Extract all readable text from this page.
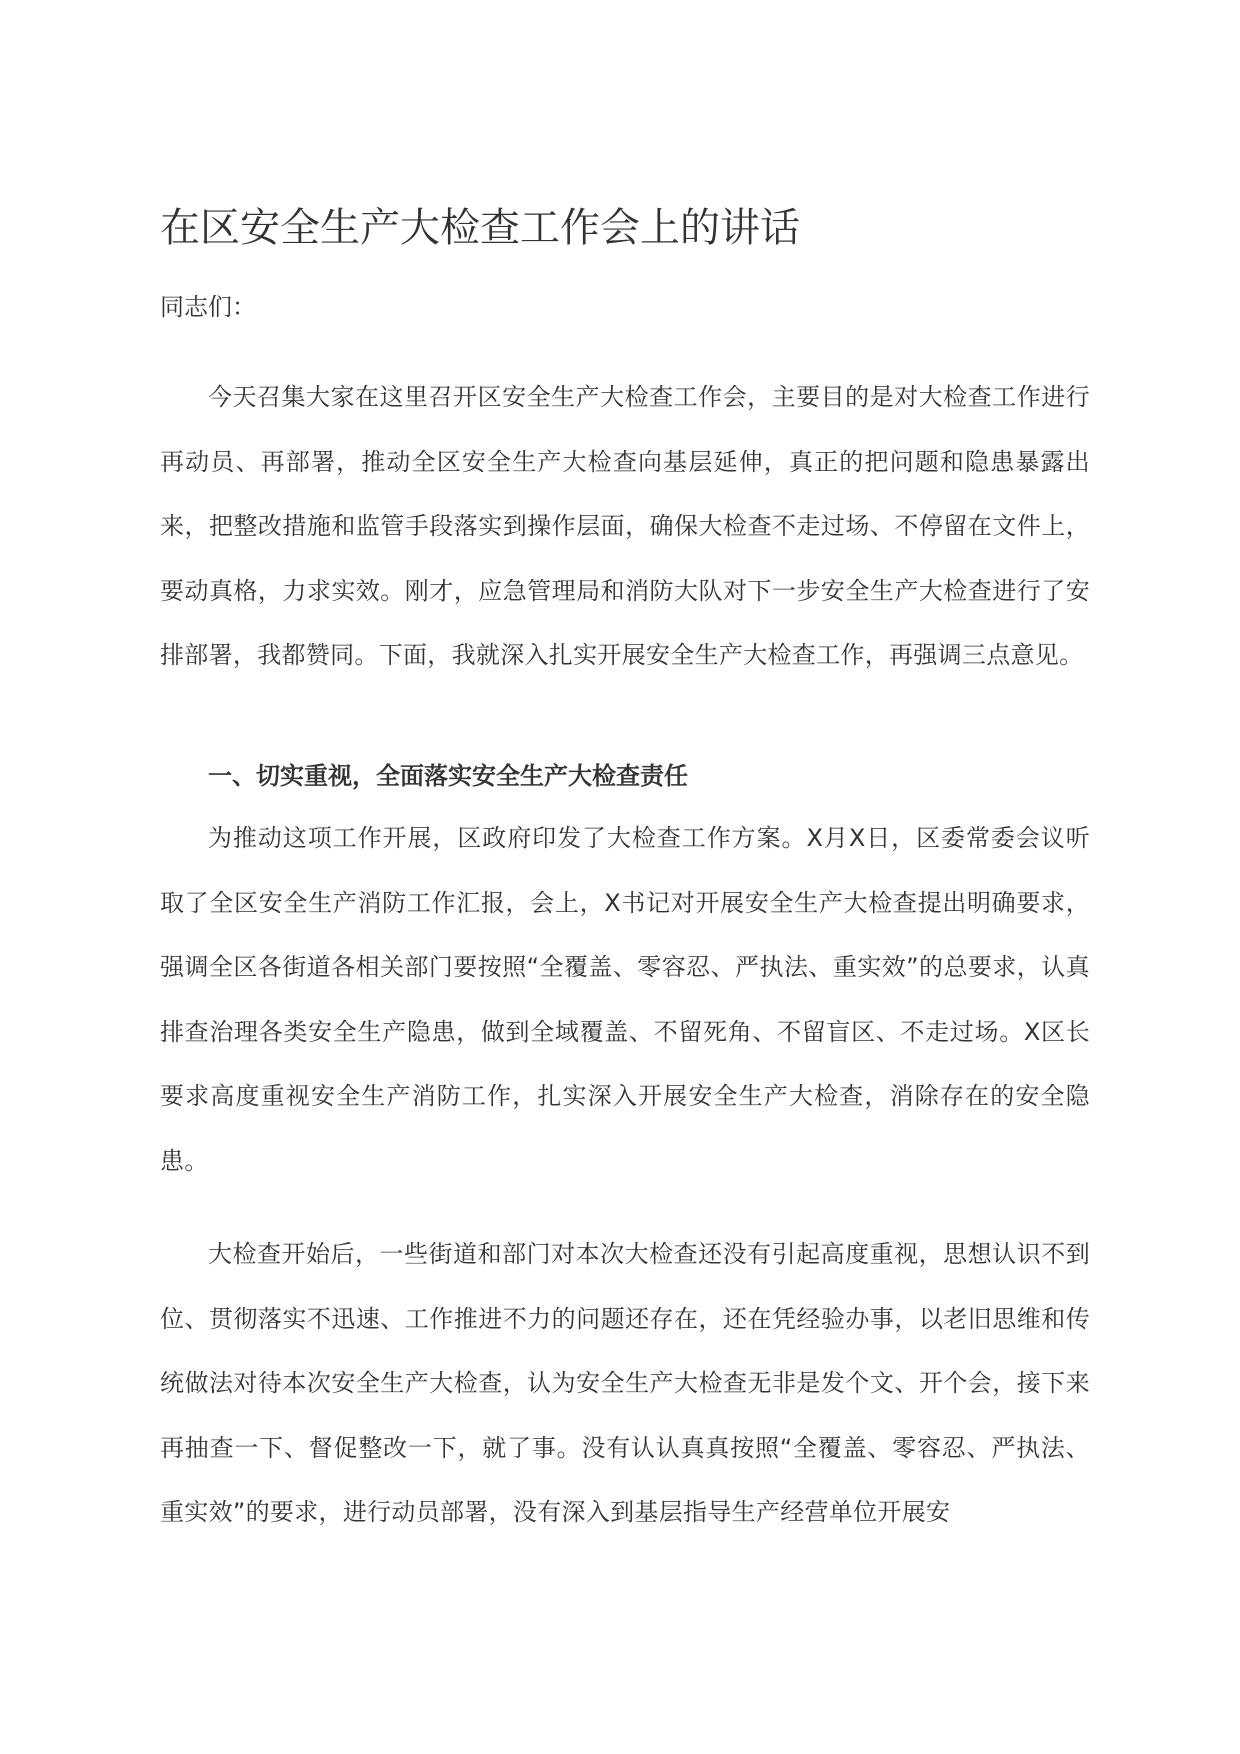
在区安全生产大检查工作会上的讲话

同志们：

今天召集大家在这里召开区安全生产大检查工作会，主要目的是对大检查工作进行再动员、再部署，推动全区安全生产大检查向基层延伸，真正的把问题和隐患暴露出来，把整改措施和监管手段落实到操作层面，确保大检查不走过场、不停留在文件上，要动真格，力求实效。刚才，应急管理局和消防大队对下一步安全生产大检查进行了安排部署，我都赞同。下面，我就深入扎实开展安全生产大检查工作，再强调三点意见。

一、切实重视，全面落实安全生产大检查责任

为推动这项工作开展，区政府印发了大检查工作方案。X月X日，区委常委会议听取了全区安全生产消防工作汇报，会上，X书记对开展安全生产大检查提出明确要求，强调全区各街道各相关部门要按照“全覆盖、零容忍、严执法、重实效”的总要求，认真排查治理各类安全生产隐患，做到全域覆盖、不留死角、不留盲区、不走过场。X区长要求高度重视安全生产消防工作，扎实深入开展安全生产大检查，消除存在的安全隐患。

大检查开始后，一些街道和部门对本次大检查还没有引起高度重视，思想认识不到位、贯彻落实不迅速、工作推进不力的问题还存在，还在凭经验办事，以老旧思维和传统做法对待本次安全生产大检查，认为安全生产大检查无非是发个文、开个会，接下来再抽查一下、督促整改一下，就了事。没有认认真真按照“全覆盖、零容忍、严执法、重实效”的要求，进行动员部署，没有深入到基层指导生产经营单位开展安
